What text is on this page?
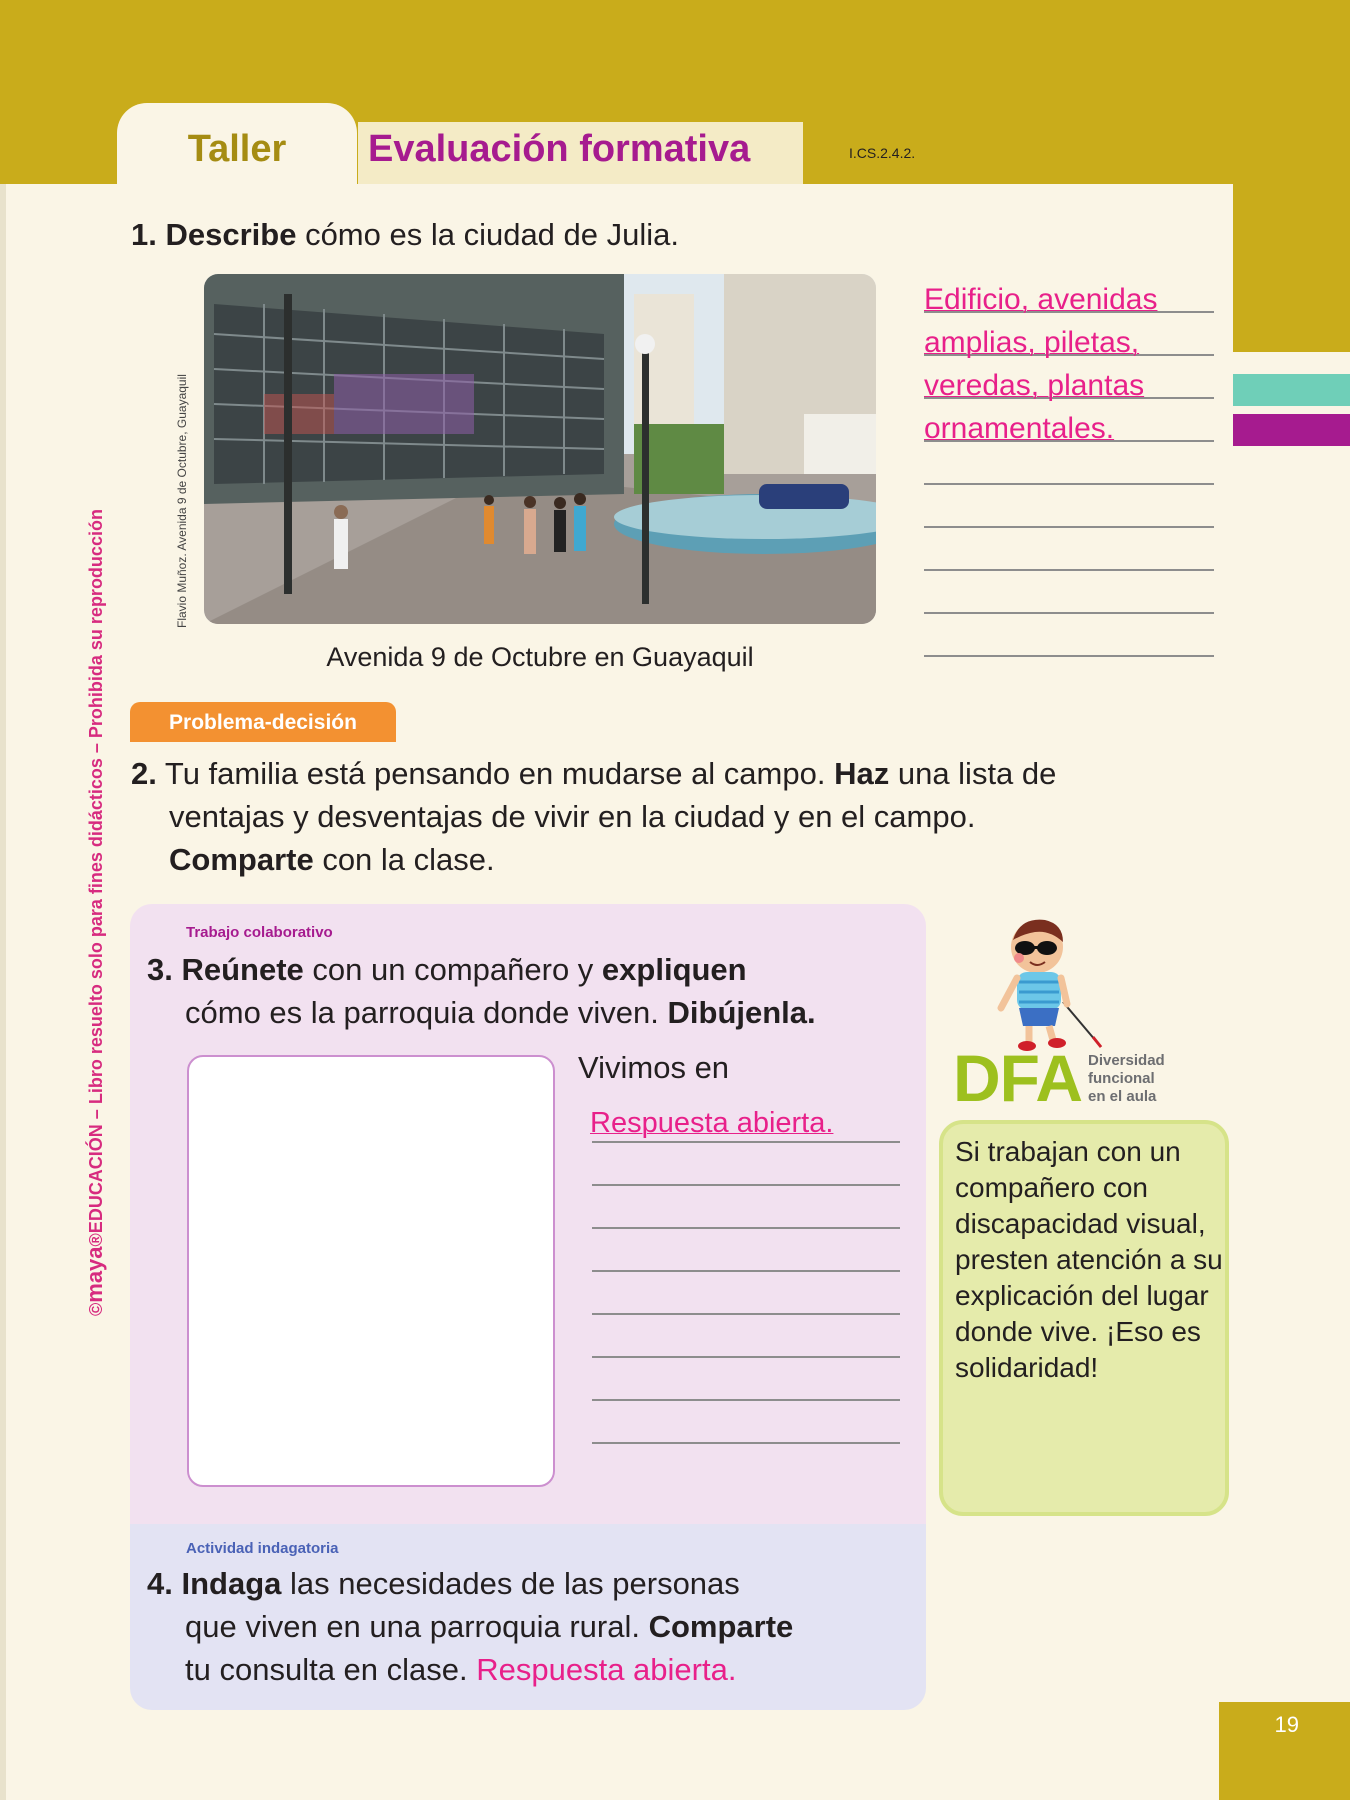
Taller	Evaluación formativa	I.CS.2.4.2.
1. Describe cómo es la ciudad de Julia.
Flavio Muñoz. Avenida 9 de Octubre, Guayaquil
Avenida 9 de Octubre en Guayaquil
Edificio, avenidas
amplias, piletas,
veredas, plantas
ornamentales.
Problema-decisión
2. Tu familia está pensando en mudarse al campo. Haz una lista de
ventajas y desventajas de vivir en la ciudad y en el campo.
Comparte con la clase.
Trabajo colaborativo
3. Reúnete con un compañero y expliquen
cómo es la parroquia donde viven. Dibújenla.
Vivimos en
Respuesta abierta.
Actividad indagatoria
4. Indaga las necesidades de las personas
que viven en una parroquia rural. Comparte
tu consulta en clase. Respuesta abierta.
DFA Diversidad
funcional
en el aula
Si trabajan con un compañero con discapacidad visual, presten atención a su explicación del lugar donde vive. ¡Eso es solidaridad!
©maya®EDUCACIÓN – Libro resuelto solo para fines didácticos – Prohibida su reproducción
19
